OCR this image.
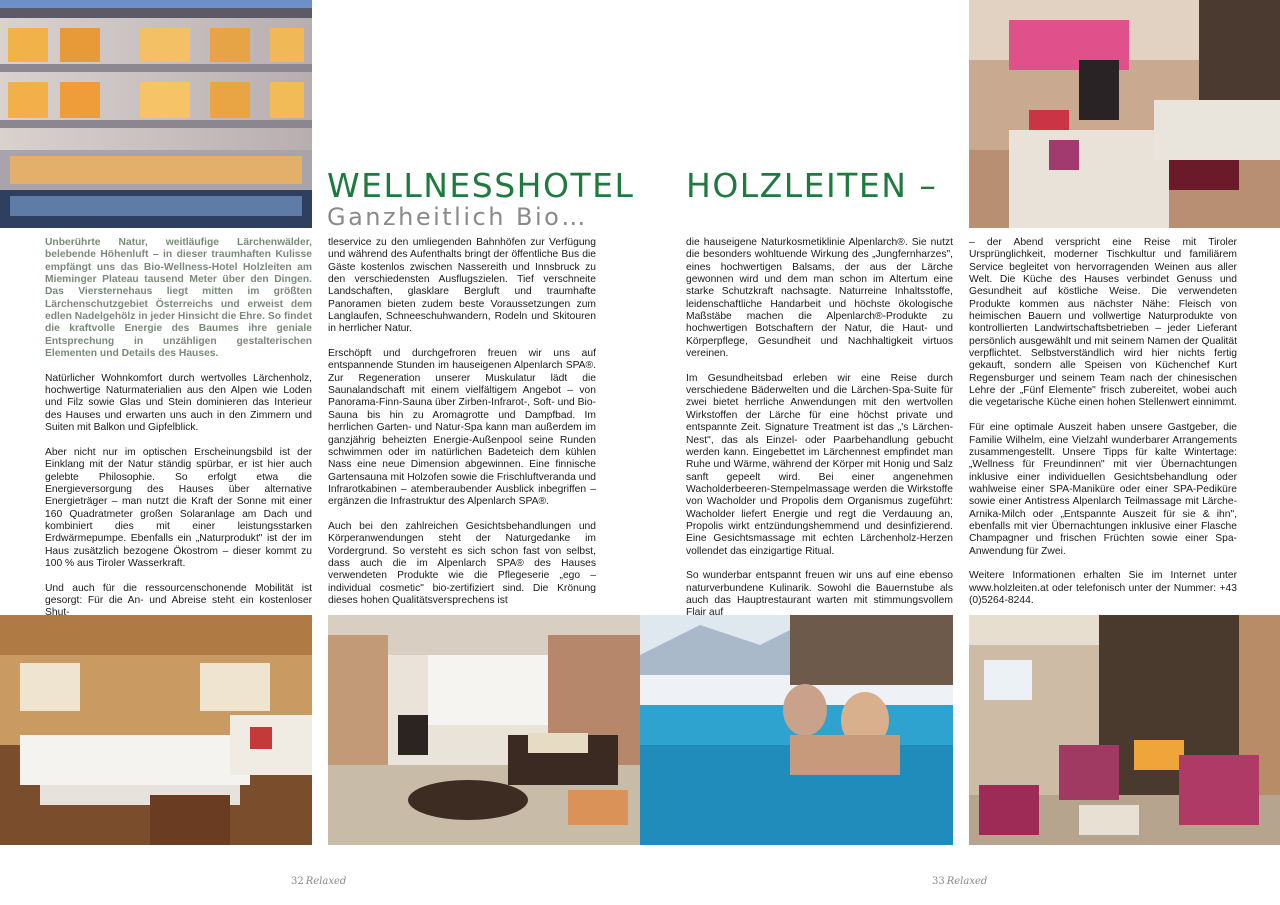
WELLNESSHOTEL HOLZLEITEN –
Ganzheitlich Bio…

Unberührte Natur, weitläufige Lärchenwälder, belebende Höhenluft – in dieser traumhaften Kulisse empfängt uns das Bio-Wellness-Hotel Holzleiten am Mieminger Plateau tausend Meter über den Dingen. Das Viersternehaus liegt mitten im größten Lärchenschutzgebiet Österreichs und erweist dem edlen Nadelgehölz in jeder Hinsicht die Ehre. So findet die kraftvolle Energie des Baumes ihre geniale Entsprechung in unzähligen gestalterischen Elementen und Details des Hauses.

Natürlicher Wohnkomfort durch wertvolles Lärchenholz, hochwertige Naturmaterialien aus den Alpen wie Loden und Filz sowie Glas und Stein dominieren das Interieur des Hauses und erwarten uns auch in den Zimmern und Suiten mit Balkon und Gipfelblick.

Aber nicht nur im optischen Erscheinungsbild ist der Einklang mit der Natur ständig spürbar, er ist hier auch gelebte Philosophie. So erfolgt etwa die Energieversorgung des Hauses über alternative Energieträger – man nutzt die Kraft der Sonne mit einer 160 Quadratmeter großen Solaranlage am Dach und kombiniert dies mit einer leistungsstarken Erdwärmepumpe. Ebenfalls ein „Naturprodukt" ist der im Haus zusätzlich bezogene Ökostrom – dieser kommt zu 100 % aus Tiroler Wasserkraft.

Und auch für die ressourcenschonende Mobilität ist gesorgt: Für die An- und Abreise steht ein kostenloser Shut-

tleservice zu den umliegenden Bahnhöfen zur Verfügung und während des Aufenthalts bringt der öffentliche Bus die Gäste kostenlos zwischen Nassereith und Innsbruck zu den verschiedensten Ausflugszielen. Tief verschneite Landschaften, glasklare Bergluft und traumhafte Panoramen bieten zudem beste Voraussetzungen zum Langlaufen, Schneeschuhwandern, Rodeln und Skitouren in herrlicher Natur.

Erschöpft und durchgefroren freuen wir uns auf entspannende Stunden im hauseigenen Alpenlarch SPA®. Zur Regeneration unserer Muskulatur lädt die Saunalandschaft mit einem vielfältigem Angebot – von Panorama-Finn-Sauna über Zirben-Infrarot-, Soft- und Bio-Sauna bis hin zu Aromagrotte und Dampfbad. Im herrlichen Garten- und Natur-Spa kann man außerdem im ganzjährig beheizten Energie-Außenpool seine Runden schwimmen oder im natürlichen Badeteich dem kühlen Nass eine neue Dimension abgewinnen. Eine finnische Gartensauna mit Holzofen sowie die Frischluftveranda und Infrarotkabinen – atemberaubender Ausblick inbegriffen – ergänzen die Infrastruktur des Alpenlarch SPA®.

Auch bei den zahlreichen Gesichtsbehandlungen und Körperanwendungen steht der Naturgedanke im Vordergrund. So versteht es sich schon fast von selbst, dass auch die im Alpenlarch SPA® des Hauses verwendeten Produkte wie die Pflegeserie „ego – individual cosmetic" bio-zertifiziert sind. Die Krönung dieses hohen Qualitätsversprechens ist

die hauseigene Naturkosmetiklinie Alpenlarch®. Sie nutzt die besonders wohltuende Wirkung des „Jungfernharzes", eines hochwertigen Balsams, der aus der Lärche gewonnen wird und dem man schon im Altertum eine starke Schutzkraft nachsagte. Naturreine Inhaltsstoffe, leidenschaftliche Handarbeit und höchste ökologische Maßstäbe machen die Alpenlarch®-Produkte zu hochwertigen Botschaftern der Natur, die Haut- und Körperpflege, Gesundheit und Nachhaltigkeit virtuos vereinen.

Im Gesundheitsbad erleben wir eine Reise durch verschiedene Bäderwelten und die Lärchen-Spa-Suite für zwei bietet herrliche Anwendungen mit den wertvollen Wirkstoffen der Lärche für eine höchst private und entspannte Zeit. Signature Treatment ist das „'s Lärchen-Nest", das als Einzel- oder Paarbehandlung gebucht werden kann. Eingebettet im Lärchennest empfindet man Ruhe und Wärme, während der Körper mit Honig und Salz sanft gepeelt wird. Bei einer angenehmen Wacholderbeeren-Stempelmassage werden die Wirkstoffe von Wacholder und Propolis dem Organismus zugeführt: Wacholder liefert Energie und regt die Verdauung an, Propolis wirkt entzündungshemmend und desinfizierend. Eine Gesichtsmassage mit echten Lärchenholz-Herzen vollendet das einzigartige Ritual.

So wunderbar entspannt freuen wir uns auf eine ebenso naturverbundene Kulinarik. Sowohl die Bauernstube als auch das Hauptrestaurant warten mit stimmungsvollem Flair auf

– der Abend verspricht eine Reise mit Tiroler Ursprünglichkeit, moderner Tischkultur und familiärem Service begleitet von hervorragenden Weinen aus aller Welt. Die Küche des Hauses verbindet Genuss und Gesundheit auf köstliche Weise. Die verwendeten Produkte kommen aus nächster Nähe: Fleisch von heimischen Bauern und vollwertige Naturprodukte von kontrollierten Landwirtschaftsbetrieben – jeder Lieferant persönlich ausgewählt und mit seinem Namen der Qualität verpflichtet. Selbstverständlich wird hier nichts fertig gekauft, sondern alle Speisen von Küchenchef Kurt Regensburger und seinem Team nach der chinesischen Lehre der „Fünf Elemente" frisch zubereitet, wobei auch die vegetarische Küche einen hohen Stellenwert einnimmt.

Für eine optimale Auszeit haben unsere Gastgeber, die Familie Wilhelm, eine Vielzahl wunderbarer Arrangements zusammengestellt. Unsere Tipps für kalte Wintertage: „Wellness für Freundinnen" mit vier Übernachtungen inklusive einer individuellen Gesichtsbehandlung oder wahlweise einer SPA-Maniküre oder einer SPA-Pediküre sowie einer Antistress Alpenlarch Teilmassage mit Lärche-Arnika-Milch oder „Entspannte Auszeit für sie & ihn", ebenfalls mit vier Übernachtungen inklusive einer Flasche Champagner und frischen Früchten sowie einer Spa-Anwendung für Zwei.

Weitere Informationen erhalten Sie im Internet unter www.holzleiten.at oder telefonisch unter der Nummer: +43 (0)5264-8244.

32 Relaxed	33 Relaxed
